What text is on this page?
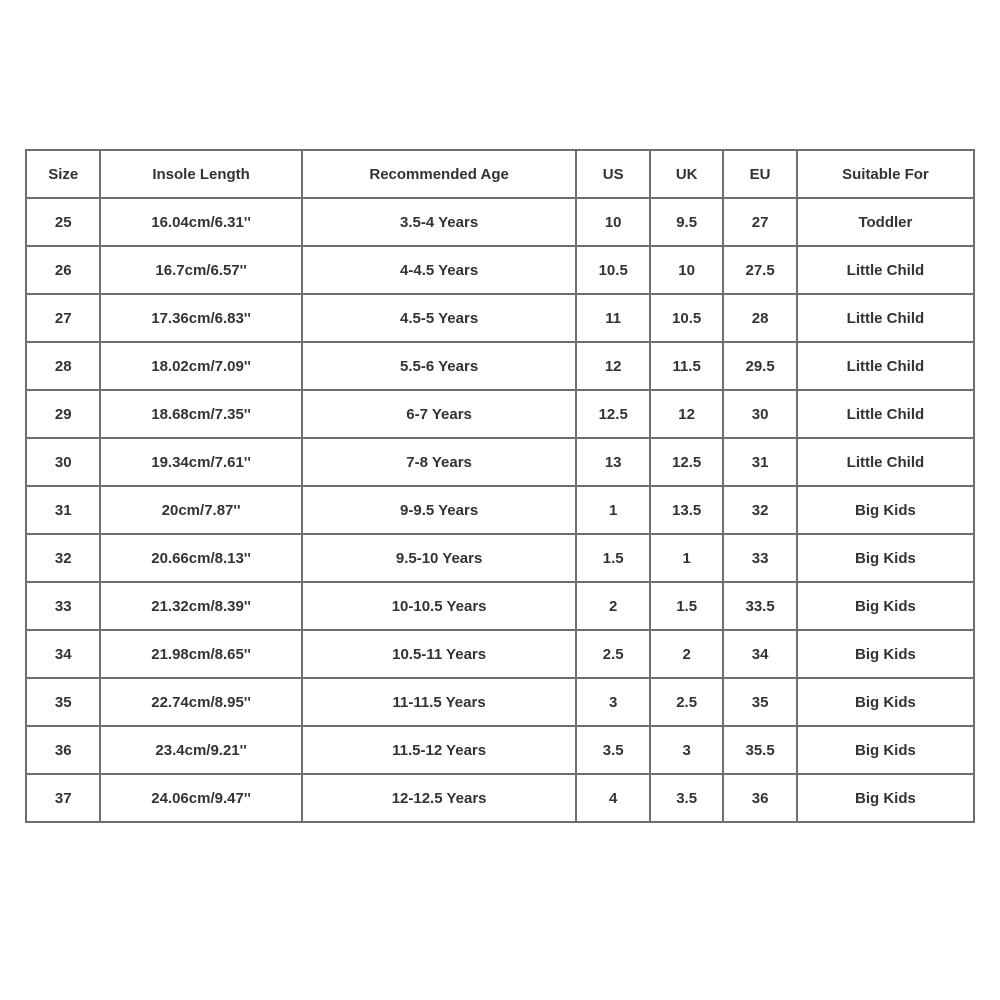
Size	Insole Length	Recommended Age	US	UK	EU	Suitable For
25	16.04cm/6.31''	3.5-4 Years	10	9.5	27	Toddler
26	16.7cm/6.57''	4-4.5 Years	10.5	10	27.5	Little Child
27	17.36cm/6.83''	4.5-5 Years	11	10.5	28	Little Child
28	18.02cm/7.09''	5.5-6 Years	12	11.5	29.5	Little Child
29	18.68cm/7.35''	6-7 Years	12.5	12	30	Little Child
30	19.34cm/7.61''	7-8 Years	13	12.5	31	Little Child
31	20cm/7.87''	9-9.5 Years	1	13.5	32	Big Kids
32	20.66cm/8.13''	9.5-10 Years	1.5	1	33	Big Kids
33	21.32cm/8.39''	10-10.5 Years	2	1.5	33.5	Big Kids
34	21.98cm/8.65''	10.5-11 Years	2.5	2	34	Big Kids
35	22.74cm/8.95''	11-11.5 Years	3	2.5	35	Big Kids
36	23.4cm/9.21''	11.5-12 Years	3.5	3	35.5	Big Kids
37	24.06cm/9.47''	12-12.5 Years	4	3.5	36	Big Kids
